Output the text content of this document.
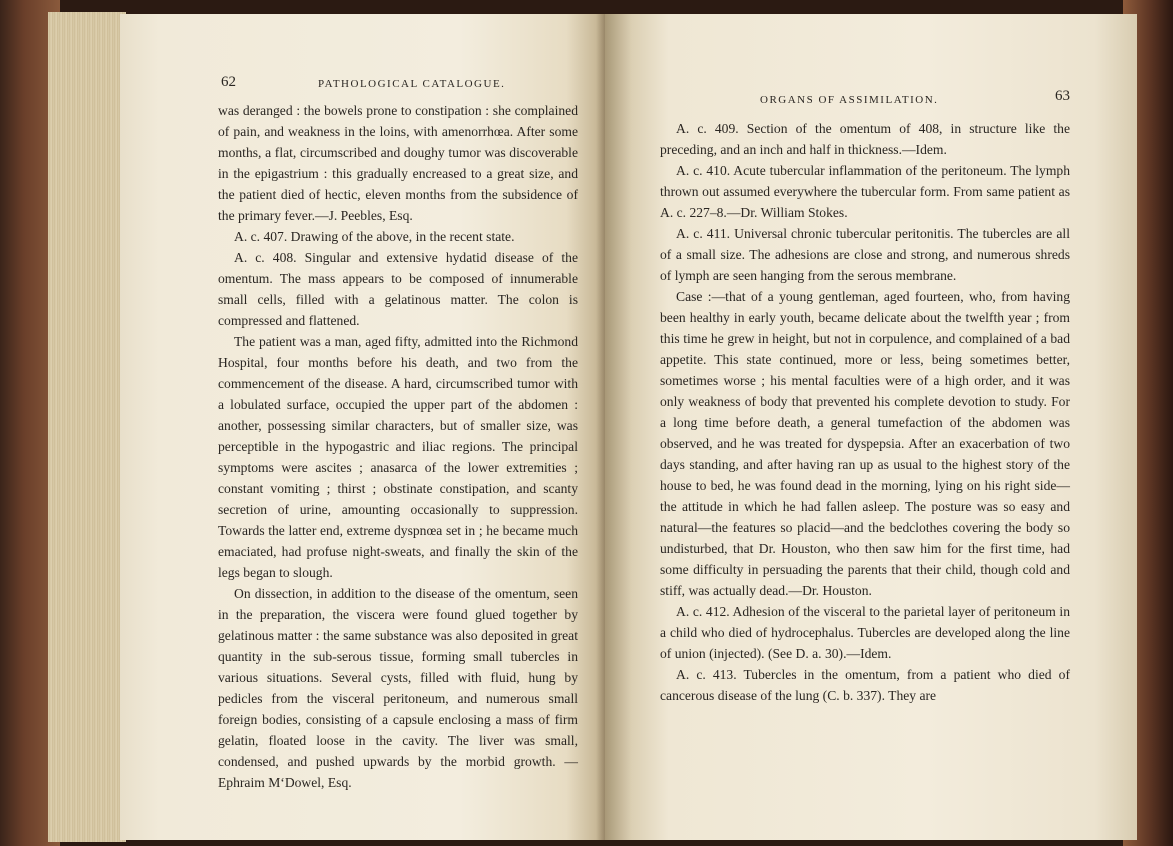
62	PATHOLOGICAL CATALOGUE.

was deranged : the bowels prone to constipation : she complained of pain, and weakness in the loins, with amenorrhœa. After some months, a flat, circumscribed and doughy tumor was discoverable in the epigastrium : this gradually encreased to a great size, and the patient died of hectic, eleven months from the subsidence of the primary fever.—J. Peebles, Esq.

A. c. 407. Drawing of the above, in the recent state.

A. c. 408. Singular and extensive hydatid disease of the omentum. The mass appears to be composed of innumerable small cells, filled with a gelatinous matter. The colon is compressed and flattened.

The patient was a man, aged fifty, admitted into the Richmond Hospital, four months before his death, and two from the commencement of the disease. A hard, circumscribed tumor with a lobulated surface, occupied the upper part of the abdomen : another, possessing similar characters, but of smaller size, was perceptible in the hypogastric and iliac regions. The principal symptoms were ascites ; anasarca of the lower extremities ; constant vomiting ; thirst ; obstinate constipation, and scanty secretion of urine, amounting occasionally to suppression. Towards the latter end, extreme dyspnœa set in ; he became much emaciated, had profuse night-sweats, and finally the skin of the legs began to slough.

On dissection, in addition to the disease of the omentum, seen in the preparation, the viscera were found glued together by gelatinous matter : the same substance was also deposited in great quantity in the sub-serous tissue, forming small tubercles in various situations. Several cysts, filled with fluid, hung by pedicles from the visceral peritoneum, and numerous small foreign bodies, consisting of a capsule enclosing a mass of firm gelatin, floated loose in the cavity. The liver was small, condensed, and pushed upwards by the morbid growth. —Ephraim M‘Dowel, Esq.

ORGANS OF ASSIMILATION.	63

A. c. 409. Section of the omentum of 408, in structure like the preceding, and an inch and half in thickness.—Idem.

A. c. 410. Acute tubercular inflammation of the peritoneum. The lymph thrown out assumed everywhere the tubercular form. From same patient as A. c. 227–8.—Dr. William Stokes.

A. c. 411. Universal chronic tubercular peritonitis. The tubercles are all of a small size. The adhesions are close and strong, and numerous shreds of lymph are seen hanging from the serous membrane.

Case :—that of a young gentleman, aged fourteen, who, from having been healthy in early youth, became delicate about the twelfth year ; from this time he grew in height, but not in corpulence, and complained of a bad appetite. This state continued, more or less, being sometimes better, sometimes worse ; his mental faculties were of a high order, and it was only weakness of body that prevented his complete devotion to study. For a long time before death, a general tumefaction of the abdomen was observed, and he was treated for dyspepsia. After an exacerbation of two days standing, and after having ran up as usual to the highest story of the house to bed, he was found dead in the morning, lying on his right side—the attitude in which he had fallen asleep. The posture was so easy and natural—the features so placid—and the bedclothes covering the body so undisturbed, that Dr. Houston, who then saw him for the first time, had some difficulty in persuading the parents that their child, though cold and stiff, was actually dead.—Dr. Houston.

A. c. 412. Adhesion of the visceral to the parietal layer of peritoneum in a child who died of hydrocephalus. Tubercles are developed along the line of union (injected). (See D. a. 30).—Idem.

A. c. 413. Tubercles in the omentum, from a patient who died of cancerous disease of the lung (C. b. 337). They are
